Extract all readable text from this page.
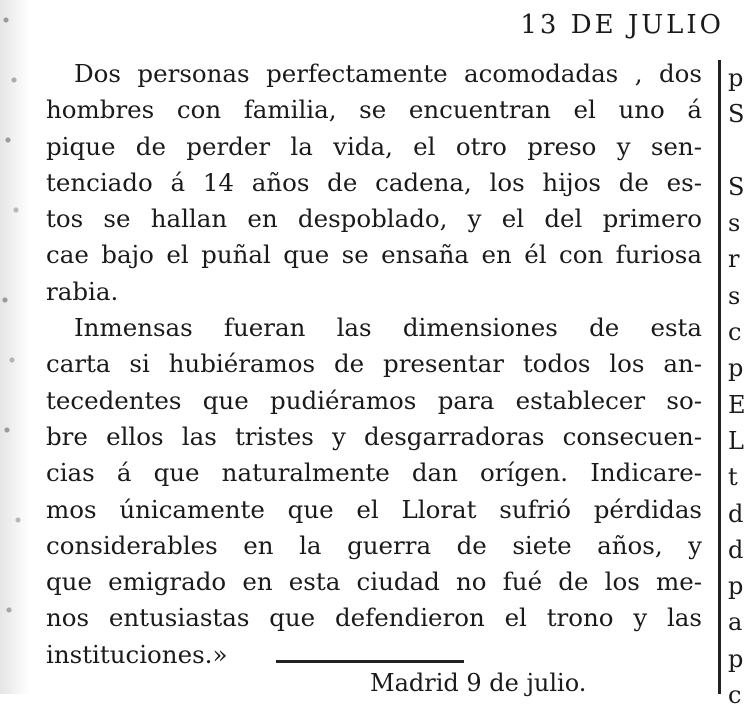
13 DE JULIO

Dos personas perfectamente acomodadas , dos
hombres con familia, se encuentran el uno á
pique de perder la vida, el otro preso y sen-
tenciado á 14 años de cadena, los hijos de es-
tos se hallan en despoblado, y el del primero
cae bajo el puñal que se ensaña en él con furiosa
rabia.

Inmensas fueran las dimensiones de esta
carta si hubiéramos de presentar todos los an-
tecedentes que pudiéramos para establecer so-
bre ellos las tristes y desgarradoras consecuen-
cias á que naturalmente dan orígen. Indicare-
mos únicamente que el Llorat sufrió pérdidas
considerables en la guerra de siete años, y
que emigrado en esta ciudad no fué de los me-
nos entusiastas que defendieron el trono y las
instituciones.»

p
S

S
s
r
s
c
p
E
L
t
d
d
p
a
p
c
Madrid 9 de julio.
